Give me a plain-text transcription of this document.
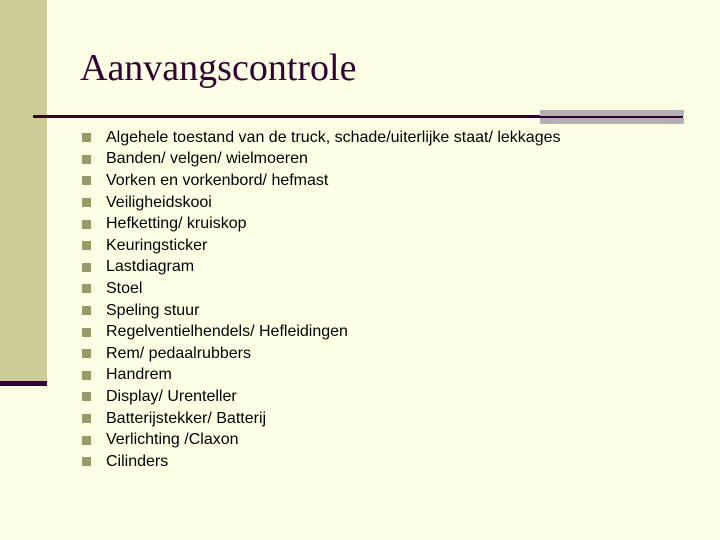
Aanvangscontrole
Algehele toestand van de truck, schade/uiterlijke staat/ lekkages
Banden/ velgen/ wielmoeren
Vorken en vorkenbord/ hefmast
Veiligheidskooi
Hefketting/ kruiskop
Keuringsticker
Lastdiagram
Stoel
Speling stuur
Regelventielhendels/ Hefleidingen
Rem/ pedaalrubbers
Handrem
Display/ Urenteller
Batterijstekker/ Batterij
Verlichting /Claxon
Cilinders
